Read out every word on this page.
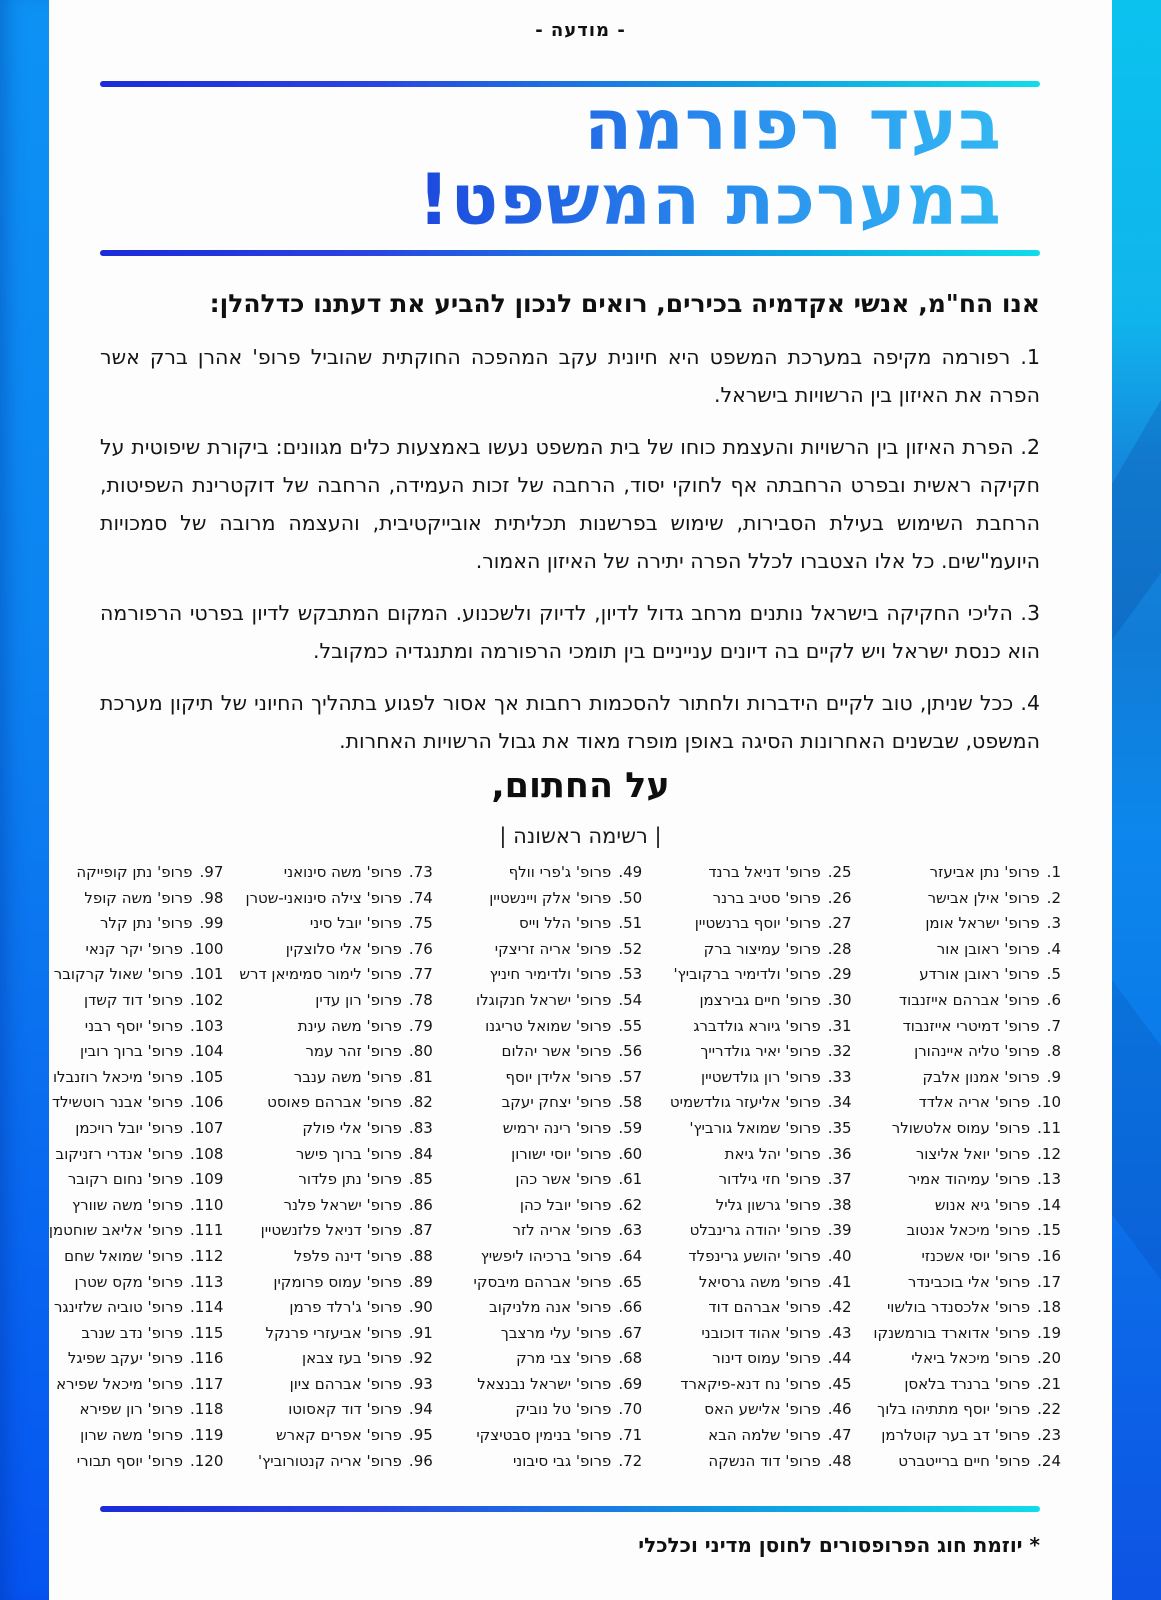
- מודעה -
בעד רפורמה
במערכת המשפט!
אנו הח"מ, אנשי אקדמיה בכירים, רואים לנכון להביע את דעתנו כדלהלן:

1. רפורמה מקיפה במערכת המשפט היא חיונית עקב המהפכה החוקתית שהוביל פרופ' אהרן ברק אשר הפרה את האיזון בין הרשויות בישראל.

2. הפרת האיזון בין הרשויות והעצמת כוחו של בית המשפט נעשו באמצעות כלים מגוונים: ביקורת שיפוטית על חקיקה ראשית ובפרט הרחבתה אף לחוקי יסוד, הרחבה של זכות העמידה, הרחבה של דוקטרינת השפיטות, הרחבת השימוש בעילת הסבירות, שימוש בפרשנות תכליתית אובייקטיבית, והעצמה מרובה של סמכויות היועמ"שים. כל אלו הצטברו לכלל הפרה יתירה של האיזון האמור.

3. הליכי החקיקה בישראל נותנים מרחב גדול לדיון, לדיוק ולשכנוע. המקום המתבקש לדיון בפרטי הרפורמה הוא כנסת ישראל ויש לקיים בה דיונים ענייניים בין תומכי הרפורמה ומתנגדיה כמקובל.

4. ככל שניתן, טוב לקיים הידברות ולחתור להסכמות רחבות אך אסור לפגוע בתהליך החיוני של תיקון מערכת המשפט, שבשנים האחרונות הסיגה באופן מופרז מאוד את גבול הרשויות האחרות.

על החתום,
| רשימה ראשונה |
1.פרופ' נתן אביעזר
2.פרופ' אילן אבישר
3.פרופ' ישראל אומן
4.פרופ' ראובן אור
5.פרופ' ראובן אורדע
6.פרופ' אברהם אייזנבוד
7.פרופ' דמיטרי אייזנבוד
8.פרופ' טליה איינהורן
9.פרופ' אמנון אלבק
10.פרופ' אריה אלדד
11.פרופ' עמוס אלטשולר
12.פרופ' יואל אליצור
13.פרופ' עמיהוד אמיר
14.פרופ' גיא אנוש
15.פרופ' מיכאל אנטוב
16.פרופ' יוסי אשכנזי
17.פרופ' אלי בוכבינדר
18.פרופ' אלכסנדר בולשוי
19.פרופ' אדוארד בורמשנקו
20.פרופ' מיכאל ביאלי
21.פרופ' ברנרד בלאסן
22.פרופ' יוסף מתתיהו בלוך
23.פרופ' דב בער קוטלרמן
24.פרופ' חיים ברייטברט
25.פרופ' דניאל ברנד
26.פרופ' סטיב ברנר
27.פרופ' יוסף ברנשטיין
28.פרופ' עמיצור ברק
29.פרופ' ולדימיר ברקוביץ'
30.פרופ' חיים גבירצמן
31.פרופ' גיורא גולדברג
32.פרופ' יאיר גולדרייך
33.פרופ' רון גולדשטיין
34.פרופ' אליעזר גולדשמיט
35.פרופ' שמואל גורביץ'
36.פרופ' יהל גיאת
37.פרופ' חזי גילדור
38.פרופ' גרשון גליל
39.פרופ' יהודה גרינבלט
40.פרופ' יהושע גרינפלד
41.פרופ' משה גרסיאל
42.פרופ' אברהם דוד
43.פרופ' אהוד דוכובני
44.פרופ' עמוס דינור
45.פרופ' נח דנא-פיקארד
46.פרופ' אלישע האס
47.פרופ' שלמה הבא
48.פרופ' דוד הנשקה
49.פרופ' ג'פרי וולף
50.פרופ' אלק ויינשטיין
51.פרופ' הלל וייס
52.פרופ' אריה זריצקי
53.פרופ' ולדימיר חיניץ
54.פרופ' ישראל חנקוגלו
55.פרופ' שמואל טריגנו
56.פרופ' אשר יהלום
57.פרופ' אלידן יוסף
58.פרופ' יצחק יעקב
59.פרופ' רינה ירמיש
60.פרופ' יוסי ישורון
61.פרופ' אשר כהן
62.פרופ' יובל כהן
63.פרופ' אריה לזר
64.פרופ' ברכיהו ליפשיץ
65.פרופ' אברהם מיבסקי
66.פרופ' אנה מלניקוב
67.פרופ' עלי מרצבך
68.פרופ' צבי מרק
69.פרופ' ישראל נבנצאל
70.פרופ' טל נוביק
71.פרופ' בנימין סבטיצקי
72.פרופ' גבי סיבוני
73.פרופ' משה סינואני
74.פרופ' צילה סינואני-שטרן
75.פרופ' יובל סיני
76.פרופ' אלי סלוצקין
77.פרופ' לימור סמימיאן דרש
78.פרופ' רון עדין
79.פרופ' משה עינת
80.פרופ' זהר עמר
81.פרופ' משה ענבר
82.פרופ' אברהם פאוסט
83.פרופ' אלי פולק
84.פרופ' ברוך פישר
85.פרופ' נתן פלדור
86.פרופ' ישראל פלנר
87.פרופ' דניאל פלזנשטיין
88.פרופ' דינה פלפל
89.פרופ' עמוס פרומקין
90.פרופ' ג'רלד פרמן
91.פרופ' אביעזרי פרנקל
92.פרופ' בעז צבאן
93.פרופ' אברהם ציון
94.פרופ' דוד קאסוטו
95.פרופ' אפרים קארש
96.פרופ' אריה קנטורוביץ'
97.פרופ' נתן קופייקה
98.פרופ' משה קופל
99.פרופ' נתן קלר
100.פרופ' יקר קנאי
101.פרופ' שאול קרקובר
102.פרופ' דוד קשדן
103.פרופ' יוסף רבני
104.פרופ' ברוך רובין
105.פרופ' מיכאל רוזנבלו
106.פרופ' אבנר רוטשילד
107.פרופ' יובל רויכמן
108.פרופ' אנדרי רזניקוב
109.פרופ' נחום רקובר
110.פרופ' משה שוורץ
111.פרופ' אליאב שוחטמן
112.פרופ' שמואל שחם
113.פרופ' מקס שטרן
114.פרופ' טוביה שלזינגר
115.פרופ' נדב שנרב
116.פרופ' יעקב שפיגל
117.פרופ' מיכאל שפירא
118.פרופ' רון שפירא
119.פרופ' משה שרון
120.פרופ' יוסף תבורי
* יוזמת חוג הפרופסורים לחוסן מדיני וכלכלי
